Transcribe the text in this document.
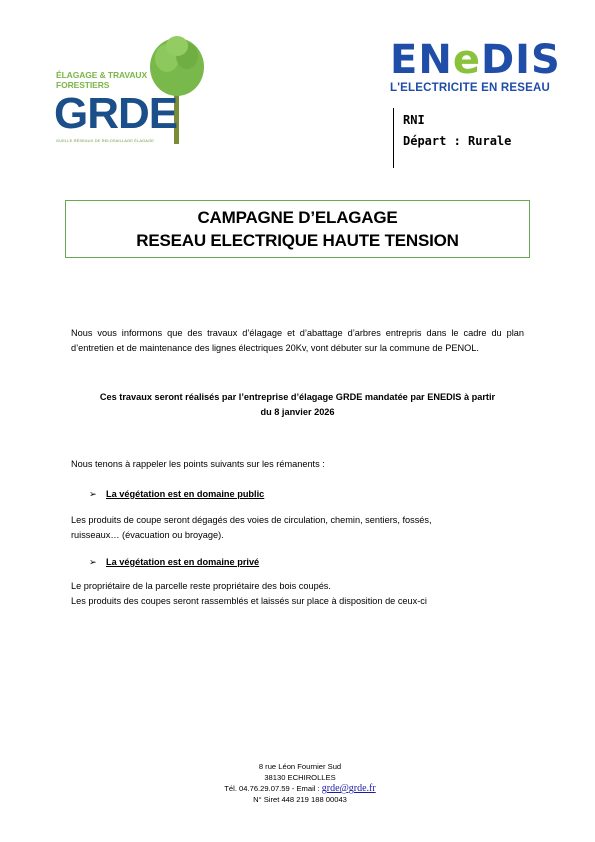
ÉLAGAGE & TRAVAUX
FORESTIERS
GRDE
GUELLE RÉSEAUX DE RELOSAILLAGE ÉLAGAGE
ENeDIS
L'ELECTRICITE EN RESEAU
RNI
Départ : Rurale
CAMPAGNE D’ELAGAGE
RESEAU ELECTRIQUE HAUTE TENSION
Nous vous informons que des travaux d’élagage et d’abattage d’arbres entrepris dans le cadre du plan d’entretien et de maintenance des lignes électriques 20Kv, vont débuter sur la commune de PENOL.
Ces travaux seront réalisés par l’entreprise d’élagage GRDE mandatée par ENEDIS à partir
du 8 janvier 2026
Nous tenons à rappeler les points suivants sur les rémanents :
➢ La végétation est en domaine public
Les produits de coupe seront dégagés des voies de circulation, chemin, sentiers, fossés,
ruisseaux… (évacuation ou broyage).
➢ La végétation est en domaine privé
Le propriétaire de la parcelle reste propriétaire des bois coupés.
Les produits des coupes seront rassemblés et laissés sur place à disposition de ceux-ci
8 rue Léon Fournier Sud
38130 ECHIROLLES
Tél. 04.76.29.07.59 - Email : grde@grde.fr
N° Siret 448 219 188 00043
